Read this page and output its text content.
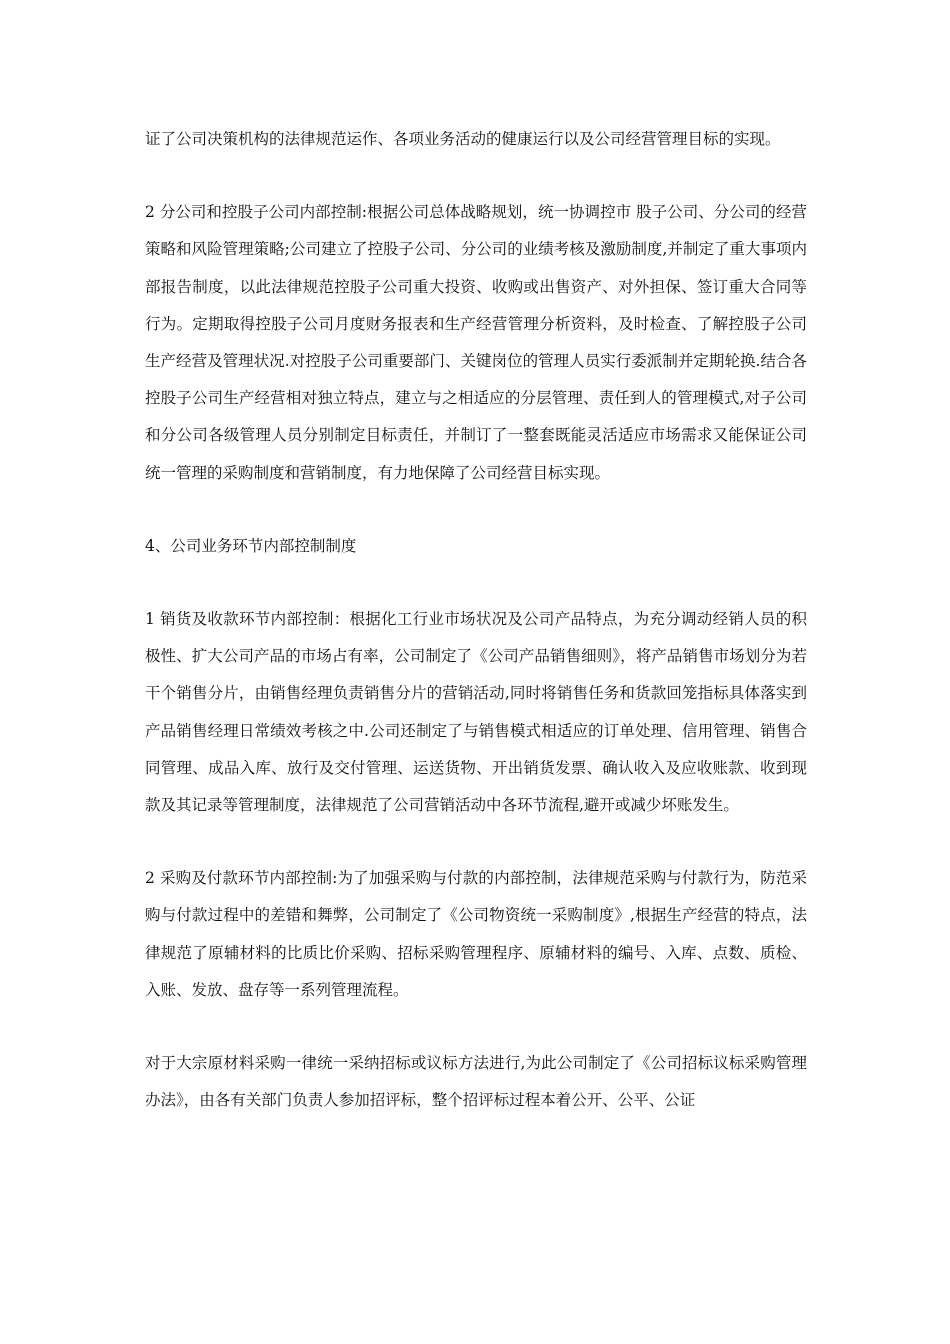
证了公司决策机构的法律规范运作、各项业务活动的健康运行以及公司经营管理目标的实现。

2 分公司和控股子公司内部控制:根据公司总体战略规划，统一协调控市 股子公司、分公司的经营策略和风险管理策略;公司建立了控股子公司、分公司的业绩考核及激励制度,并制定了重大事项内部报告制度，以此法律规范控股子公司重大投资、收购或出售资产、对外担保、签订重大合同等行为。定期取得控股子公司月度财务报表和生产经营管理分析资料，及时检查、了解控股子公司生产经营及管理状况.对控股子公司重要部门、关键岗位的管理人员实行委派制并定期轮换.结合各控股子公司生产经营相对独立特点，建立与之相适应的分层管理、责任到人的管理模式,对子公司和分公司各级管理人员分别制定目标责任，并制订了一整套既能灵活适应市场需求又能保证公司统一管理的采购制度和营销制度，有力地保障了公司经营目标实现。

4、公司业务环节内部控制制度

1 销货及收款环节内部控制：根据化工行业市场状况及公司产品特点，为充分调动经销人员的积极性、扩大公司产品的市场占有率，公司制定了《公司产品销售细则》，将产品销售市场划分为若干个销售分片，由销售经理负责销售分片的营销活动,同时将销售任务和货款回笼指标具体落实到产品销售经理日常绩效考核之中.公司还制定了与销售模式相适应的订单处理、信用管理、销售合同管理、成品入库、放行及交付管理、运送货物、开出销货发票、确认收入及应收账款、收到现款及其记录等管理制度，法律规范了公司营销活动中各环节流程,避开或减少坏账发生。

2 采购及付款环节内部控制:为了加强采购与付款的内部控制，法律规范采购与付款行为，防范采购与付款过程中的差错和舞弊，公司制定了《公司物资统一采购制度》,根据生产经营的特点，法律规范了原辅材料的比质比价采购、招标采购管理程序、原辅材料的编号、入库、点数、质检、入账、发放、盘存等一系列管理流程。

对于大宗原材料采购一律统一采纳招标或议标方法进行,为此公司制定了《公司招标议标采购管理办法》，由各有关部门负责人参加招评标，整个招评标过程本着公开、公平、公证
